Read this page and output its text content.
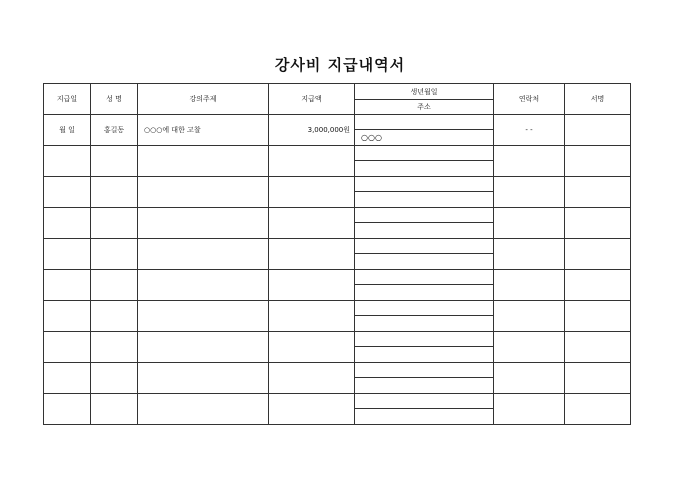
강사비 지급내역서
지급일	성 명	강의주제	지급액	생년월일	연락처	서명
				주소		
월 일	홍길동	○○○에 대한 고찰	3,000,000원		- -	
				○○○		
